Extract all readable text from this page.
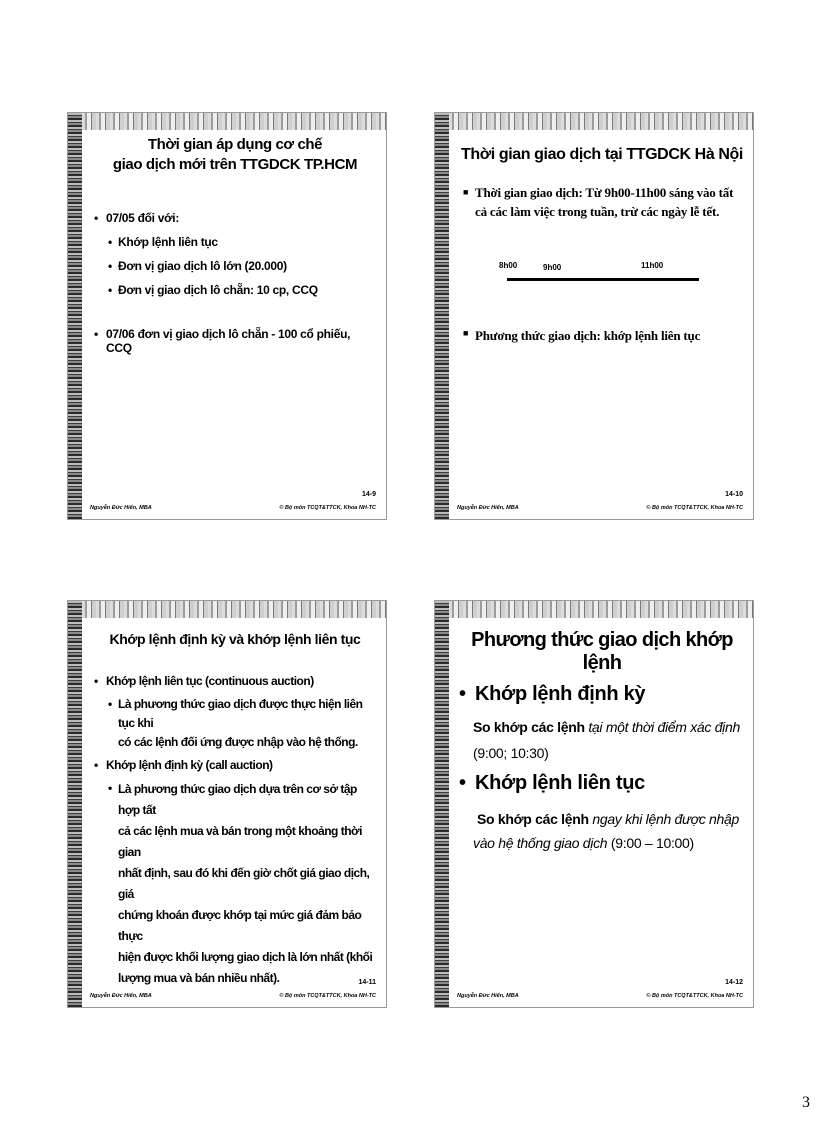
Thời gian áp dụng cơ chế
giao dịch mới trên TTGDCK TP.HCM
• 07/05 đối với:
• Khớp lệnh liên tục
• Đơn vị giao dịch lô lớn (20.000)
• Đơn vị giao dịch lô chẵn: 10 cp, CCQ
• 07/06 đơn vị giao dịch lô chẵn - 100 cổ phiếu, CCQ
14-9
Nguyễn Đức Hiển, MBA	© Bộ môn TCQT&TTCK, Khoa NH-TC
Thời gian giao dịch tại TTGDCK Hà Nội
■ Thời gian giao dịch: Từ 9h00-11h00 sáng vào tất
cả các làm việc trong tuần, trừ các ngày lễ tết.
8h00	9h00	11h00
■ Phương thức giao dịch: khớp lệnh liên tục
14-10
Nguyễn Đức Hiển, MBA	© Bộ môn TCQT&TTCK, Khoa NH-TC
Khớp lệnh định kỳ và khớp lệnh liên tục
• Khớp lệnh liên tục (continuous auction)
• Là phương thức giao dịch được thực hiện liên tục khi
có các lệnh đối ứng được nhập vào hệ thống.
• Khớp lệnh định kỳ (call auction)
• Là phương thức giao dịch dựa trên cơ sở tập hợp tất
cả các lệnh mua và bán trong một khoảng thời gian
nhất định, sau đó khi đến giờ chốt giá giao dịch, giá
chứng khoán được khớp tại mức giá đảm bảo thực
hiện được khối lượng giao dịch là lớn nhất (khối
lượng mua và bán nhiều nhất).	14-11
Nguyễn Đức Hiển, MBA	© Bộ môn TCQT&TTCK, Khoa NH-TC
Phương thức giao dịch khớp lệnh
• Khớp lệnh định kỳ
So khớp các lệnh tại một thời điểm xác định
(9:00; 10:30)
• Khớp lệnh liên tục
So khớp các lệnh ngay khi lệnh được nhập
vào hệ thống giao dịch (9:00 – 10:00)
14-12
Nguyễn Đức Hiển, MBA	© Bộ môn TCQT&TTCK, Khoa NH-TC
3
